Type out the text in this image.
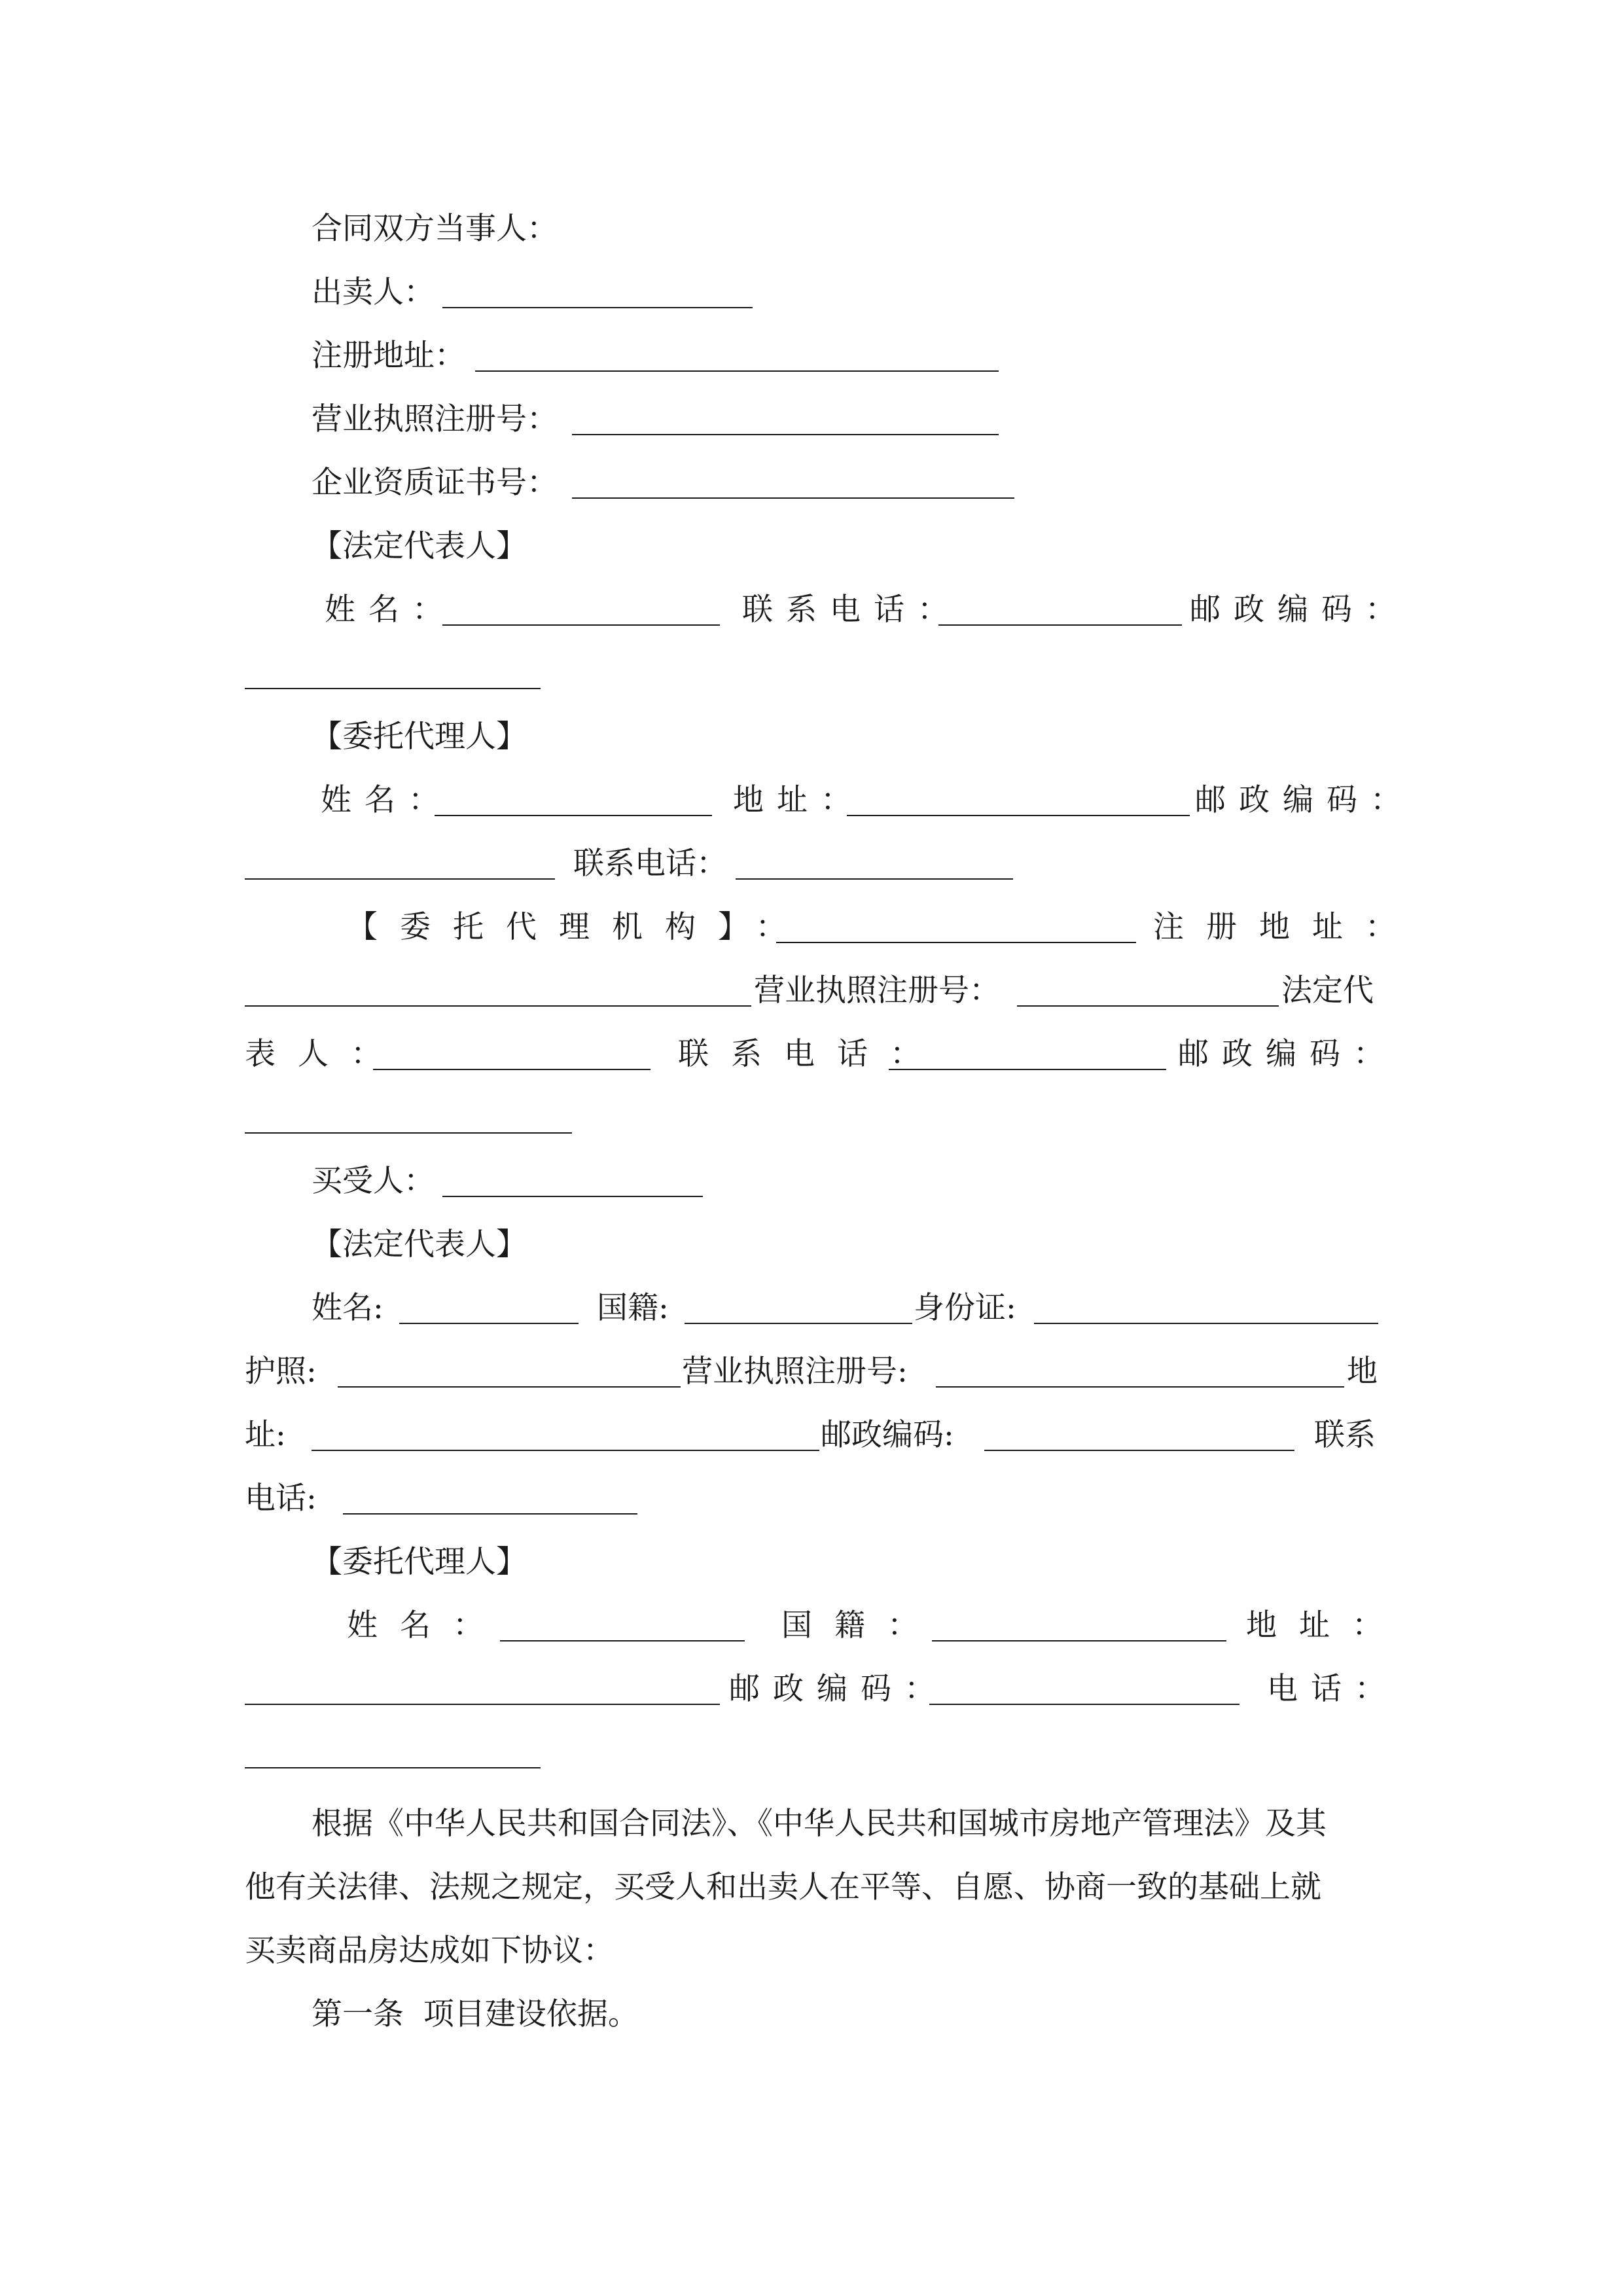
合同双方当事人：
出卖人：
注册地址：
营业执照注册号：
企业资质证书号：
【法定代表人】
姓名：	联系电话：	邮政编码：
【委托代理人】
姓名：	地址：	邮政编码：
联系电话：
【委托代理机构】：	注册地址：
营业执照注册号：	法定代
表人：	联系电话：	邮政编码：
买受人：
【法定代表人】
姓名:	国籍:	身份证:
护照:	营业执照注册号:	地
址:	邮政编码:	联系
电话:
【委托代理人】
姓名：	国籍：	地址：
邮政编码：	电话：
根据《中华人民共和国合同法》、《中华人民共和国城市房地产管理法》及其
他有关法律、法规之规定，买受人和出卖人在平等、自愿、协商一致的基础上就
买卖商品房达成如下协议：
第一条  项目建设依据。
